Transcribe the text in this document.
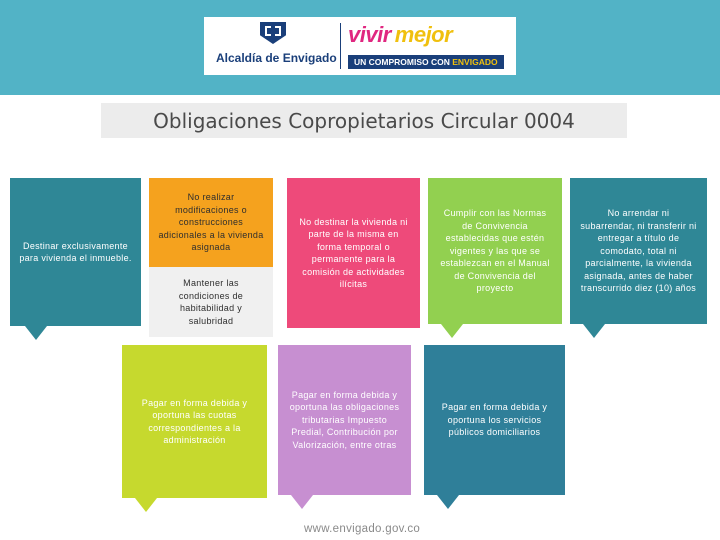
Alcaldía de Envigado
vivir mejor
UN COMPROMISO CON ENVIGADO
Obligaciones Copropietarios Circular 0004
Destinar exclusivamente para vivienda el inmueble.
No realizar modificaciones o construcciones adicionales a la vivienda asignada
Mantener las condiciones de habitabilidad y salubridad
Pagar en forma debida y oportuna las cuotas correspondientes a la administración
No destinar la vivienda ni parte de la misma en forma temporal o permanente para la comisión de actividades ilícitas
Pagar en forma debida y oportuna las obligaciones tributarias Impuesto Predial, Contribución por Valorización, entre otras
Cumplir con las Normas de Convivencia establecidas que estén vigentes y las que se establezcan en el Manual de Convivencia del proyecto
Pagar en forma debida y oportuna los servicios públicos domiciliarios
No arrendar ni subarrendar, ni transferir ni entregar a título de comodato, total ni parcialmente, la vivienda asignada, antes de haber transcurrido diez (10) años
www.envigado.gov.co
